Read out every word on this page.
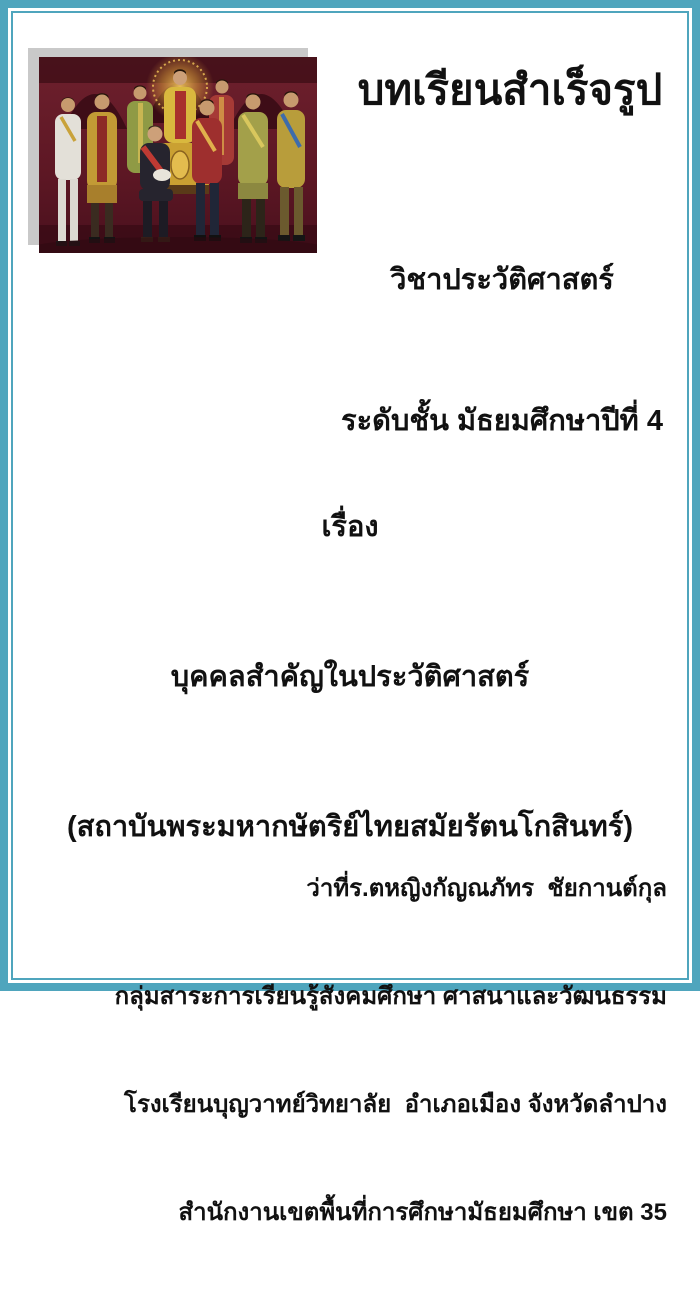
บทเรียนสำเร็จรูป

วิชาประวัติศาสตร์

ระดับชั้น มัธยมศึกษาปีที่ 4

เรื่อง

บุคคลสำคัญในประวัติศาสตร์

(สถาบันพระมหากษัตริย์ไทยสมัยรัตนโกสินทร์)

ว่าที่ร.ตหญิงกัญณภัทร  ชัยกานต์กุล

กลุ่มสาระการเรียนรู้สังคมศึกษา ศาสนาและวัฒนธรรม

โรงเรียนบุญวาทย์วิทยาลัย  อำเภอเมือง จังหวัดลำปาง

สำนักงานเขตพื้นที่การศึกษามัธยมศึกษา เขต 35
